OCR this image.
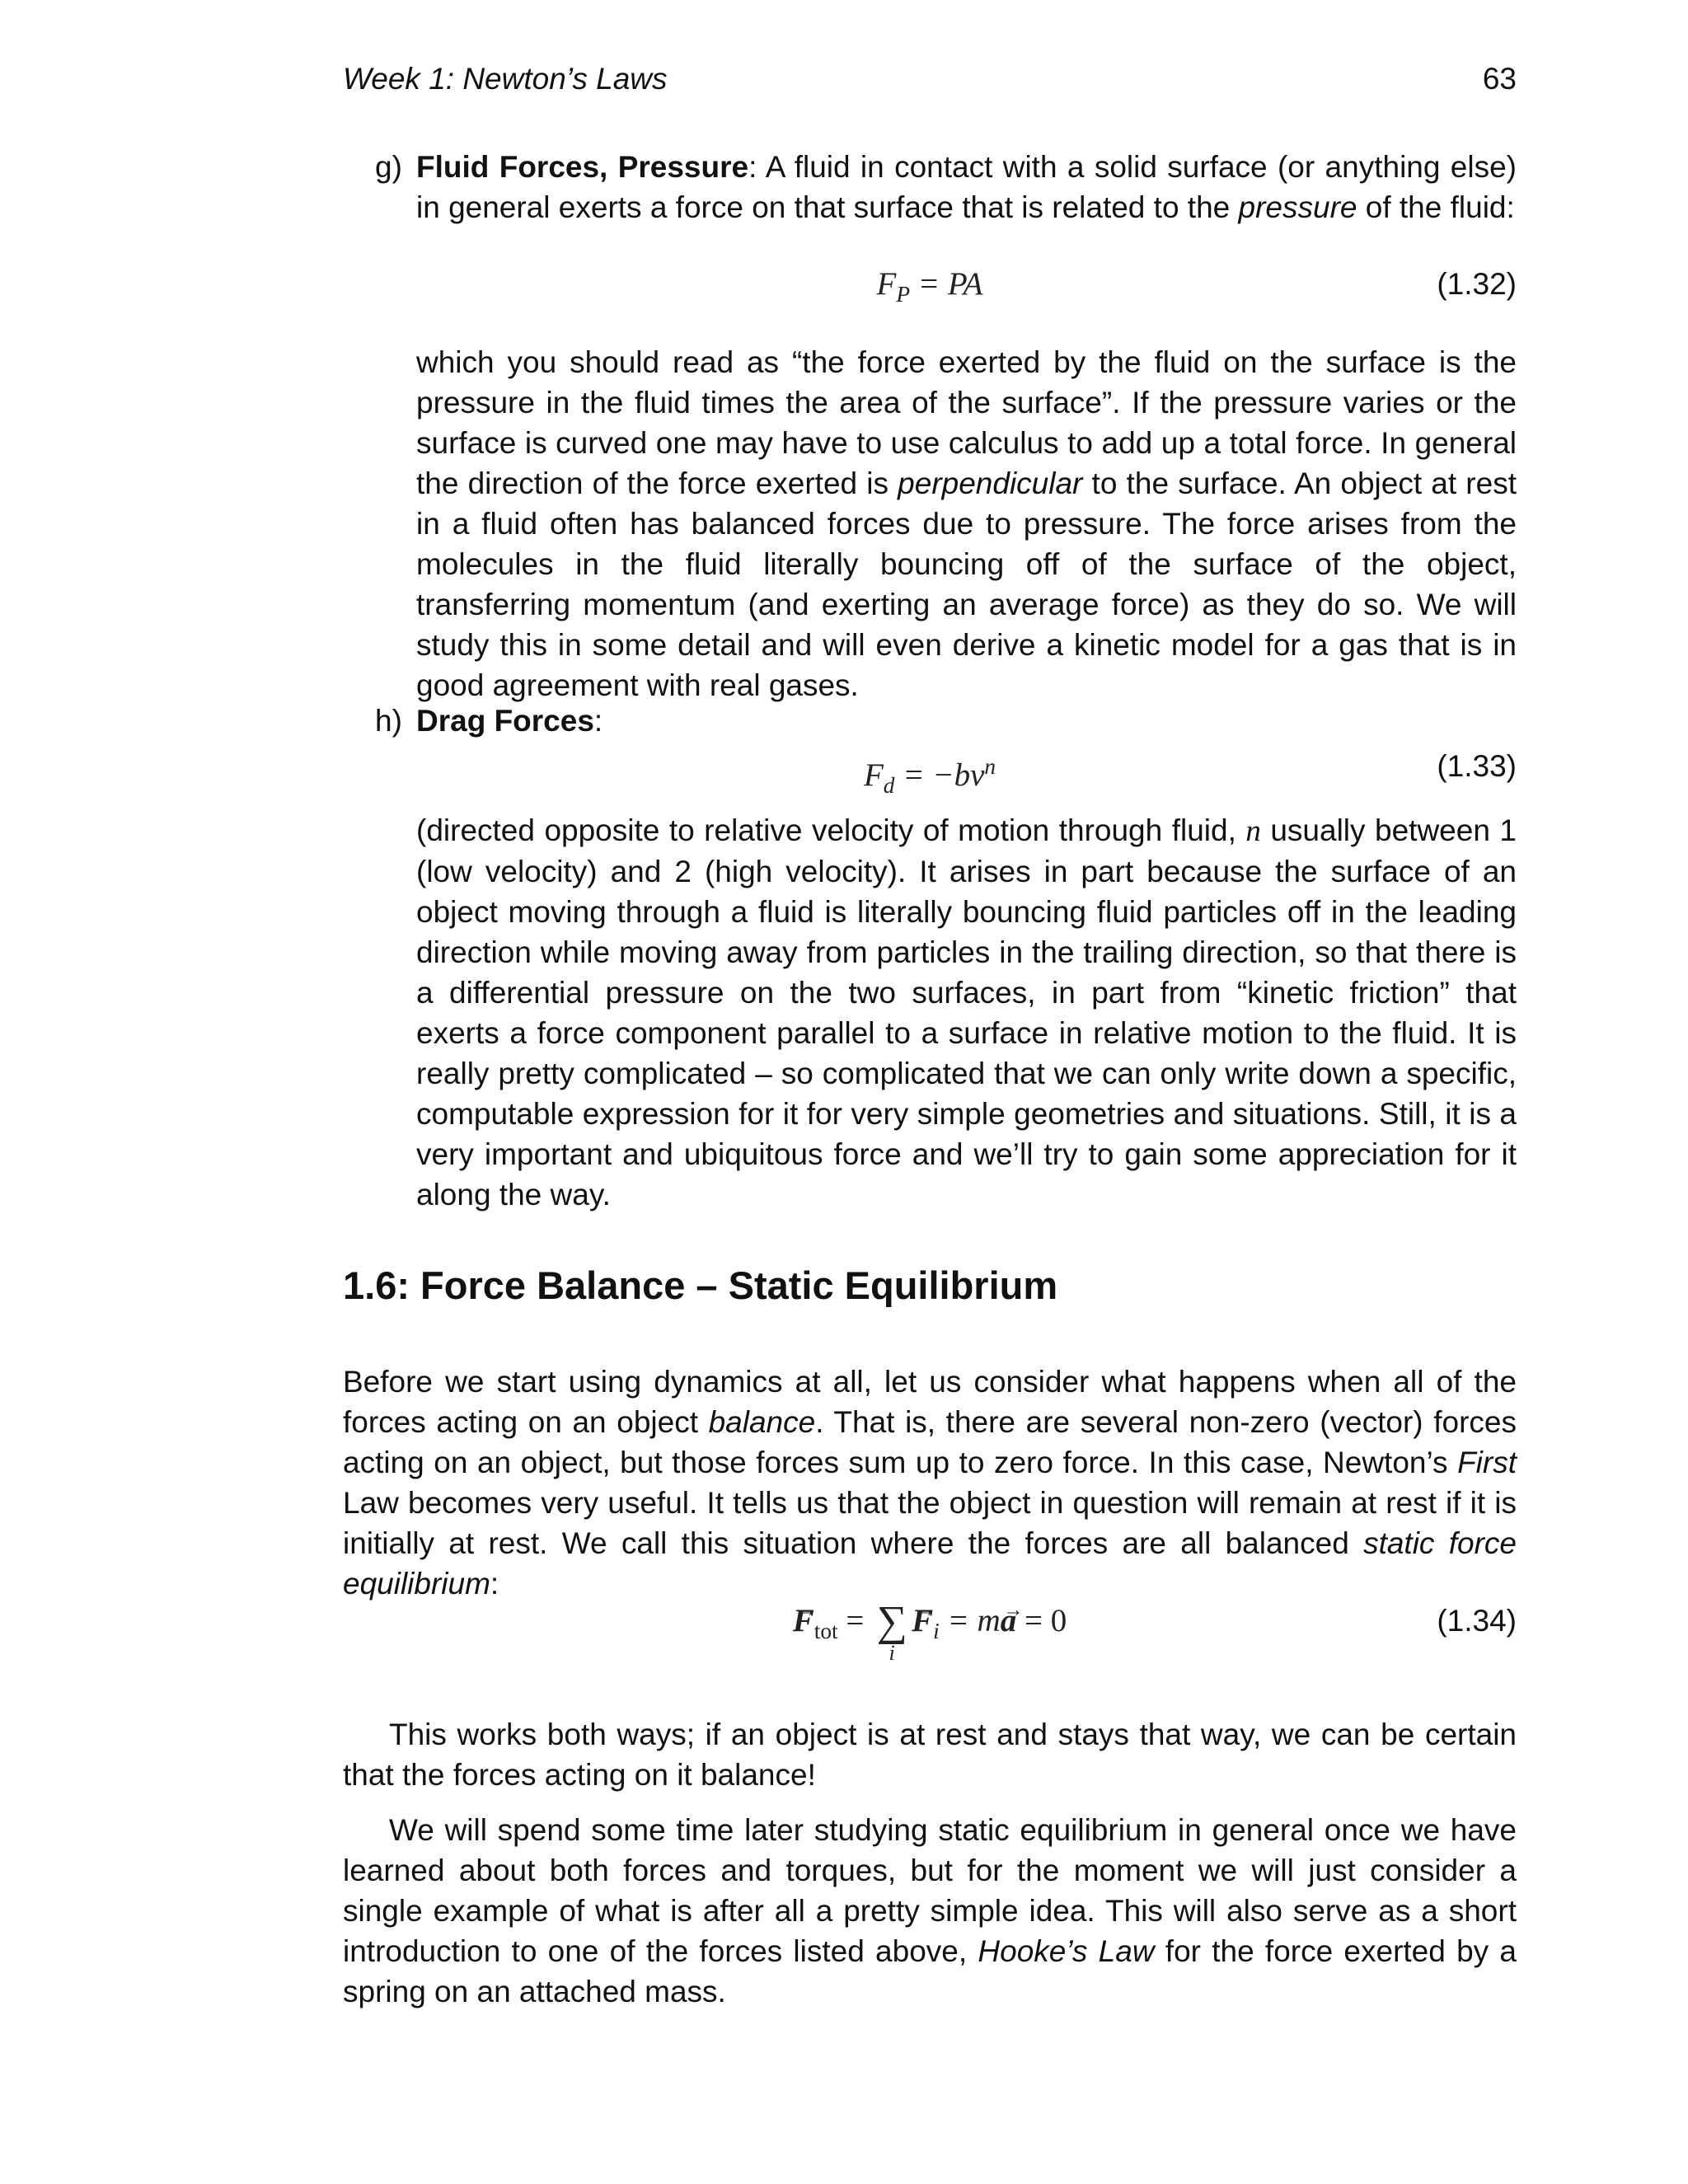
Week 1: Newton’s Laws	63
g) Fluid Forces, Pressure: A fluid in contact with a solid surface (or anything else) in general exerts a force on that surface that is related to the pressure of the fluid:
$F_P$ = PA	(1.32)
which you should read as “the force exerted by the fluid on the surface is the pressure in the fluid times the area of the surface”. If the pressure varies or the surface is curved one may have to use calculus to add up a total force. In general the direction of the force exerted is perpendicular to the surface. An object at rest in a fluid often has balanced forces due to pressure. The force arises from the molecules in the fluid literally bouncing off of the surface of the object, transferring momentum (and exerting an average force) as they do so. We will study this in some detail and will even derive a kinetic model for a gas that is in good agreement with real gases.
h) Drag Forces:
$F_d = -bv^n$	(1.33)
(directed opposite to relative velocity of motion through fluid, n usually between 1 (low velocity) and 2 (high velocity). It arises in part because the surface of an object moving through a fluid is literally bouncing fluid particles off in the leading direction while moving away from particles in the trailing direction, so that there is a differential pressure on the two surfaces, in part from “kinetic friction” that exerts a force component parallel to a surface in relative motion to the fluid. It is really pretty complicated – so complicated that we can only write down a specific, computable expression for it for very simple geometries and situations. Still, it is a very important and ubiquitous force and we’ll try to gain some appreciation for it along the way.
1.6: Force Balance – Static Equilibrium
Before we start using dynamics at all, let us consider what happens when all of the forces acting on an object balance. That is, there are several non-zero (vector) forces acting on an object, but those forces sum up to zero force. In this case, Newton’s First Law becomes very useful. It tells us that the object in question will remain at rest if it is initially at rest. We call this situation where the forces are all balanced static force equilibrium:
→ $F_{tot}$ = ∑
i
→ $F_i = m\to a = 0$	(1.34)
This works both ways; if an object is at rest and stays that way, we can be certain that the forces acting on it balance!
We will spend some time later studying static equilibrium in general once we have learned about both forces and torques, but for the moment we will just consider a single example of what is after all a pretty simple idea. This will also serve as a short introduction to one of the forces listed above, Hooke’s Law for the force exerted by a spring on an attached mass.
